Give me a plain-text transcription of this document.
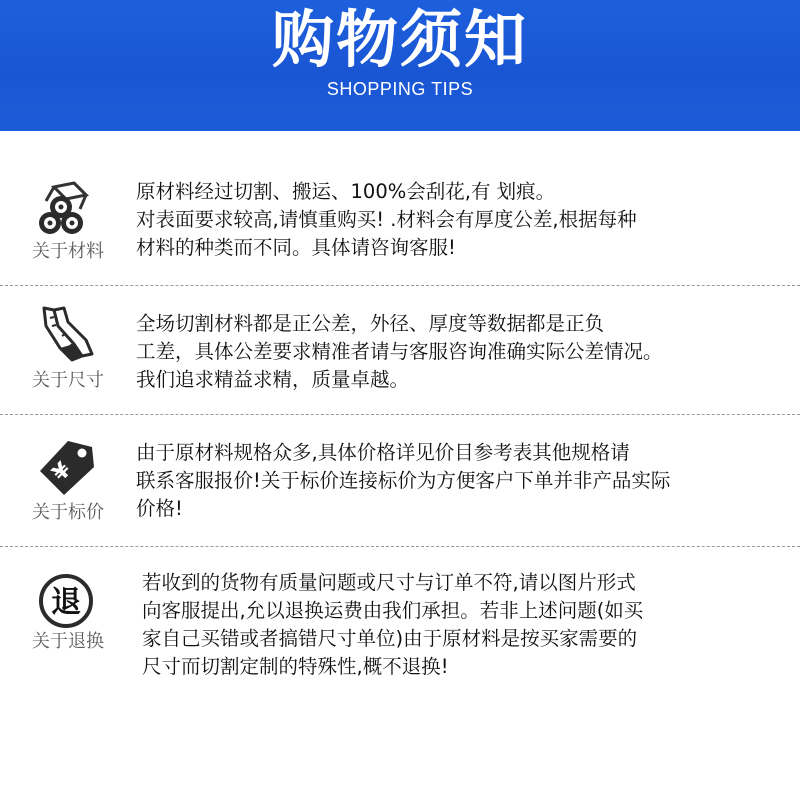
购物须知
SHOPPING TIPS
关于材料
原材料经过切割、搬运、100%会刮花,有 划痕。
对表面要求较高,请慎重购买! .材料会有厚度公差,根据每种
材料的种类而不同。具体请咨询客服!
关于尺寸
全场切割材料都是正公差，外径、厚度等数据都是正负
工差，具体公差要求精准者请与客服咨询准确实际公差情况。
我们追求精益求精，质量卓越。
¥
关于标价
由于原材料规格众多,具体价格详见价目参考表其他规格请
联系客服报价!关于标价连接标价为方便客户下单并非产品实际
价格!
退
关于退换
若收到的货物有质量问题或尺寸与订单不符,请以图片形式
向客服提出,允以退换运费由我们承担。若非上述问题(如买
家自己买错或者搞错尺寸单位)由于原材料是按买家需要的
尺寸而切割定制的特殊性,概不退换!
